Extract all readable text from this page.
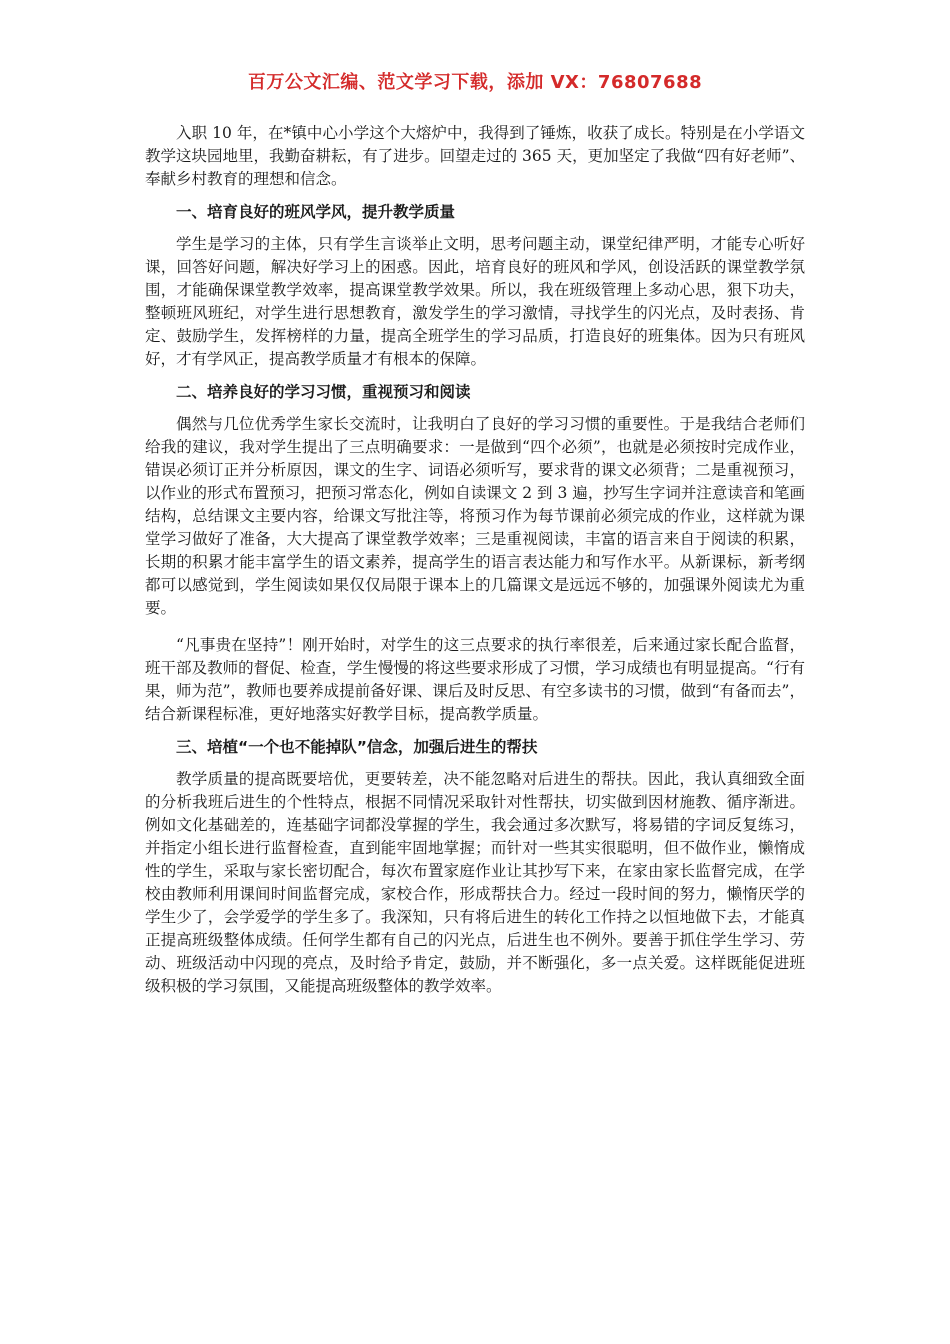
百万公文汇编、范文学习下载，添加 VX：76807688

入职 10 年，在*镇中心小学这个大熔炉中，我得到了锤炼，收获了成长。特别是在小学语文教学这块园地里，我勤奋耕耘，有了进步。回望走过的 365 天，更加坚定了我做“四有好老师”、奉献乡村教育的理想和信念。

一、培育良好的班风学风，提升教学质量

学生是学习的主体，只有学生言谈举止文明，思考问题主动，课堂纪律严明，才能专心听好课，回答好问题，解决好学习上的困惑。因此，培育良好的班风和学风，创设活跃的课堂教学氛围，才能确保课堂教学效率，提高课堂教学效果。所以，我在班级管理上多动心思，狠下功夫，整顿班风班纪，对学生进行思想教育，激发学生的学习激情，寻找学生的闪光点，及时表扬、肯定、鼓励学生，发挥榜样的力量，提高全班学生的学习品质，打造良好的班集体。因为只有班风好，才有学风正，提高教学质量才有根本的保障。

二、培养良好的学习习惯，重视预习和阅读

偶然与几位优秀学生家长交流时，让我明白了良好的学习习惯的重要性。于是我结合老师们给我的建议，我对学生提出了三点明确要求：一是做到“四个必须”，也就是必须按时完成作业，错误必须订正并分析原因，课文的生字、词语必须听写，要求背的课文必须背；二是重视预习，以作业的形式布置预习，把预习常态化，例如自读课文 2 到 3 遍，抄写生字词并注意读音和笔画结构，总结课文主要内容，给课文写批注等，将预习作为每节课前必须完成的作业，这样就为课堂学习做好了准备，大大提高了课堂教学效率；三是重视阅读，丰富的语言来自于阅读的积累，长期的积累才能丰富学生的语文素养，提高学生的语言表达能力和写作水平。从新课标，新考纲都可以感觉到，学生阅读如果仅仅局限于课本上的几篇课文是远远不够的，加强课外阅读尤为重要。

“凡事贵在坚持”！刚开始时，对学生的这三点要求的执行率很差，后来通过家长配合监督，班干部及教师的督促、检查，学生慢慢的将这些要求形成了习惯，学习成绩也有明显提高。“行有果，师为范”，教师也要养成提前备好课、课后及时反思、有空多读书的习惯，做到“有备而去”，结合新课程标准，更好地落实好教学目标，提高教学质量。

三、培植“一个也不能掉队”信念，加强后进生的帮扶

教学质量的提高既要培优，更要转差，决不能忽略对后进生的帮扶。因此，我认真细致全面的分析我班后进生的个性特点，根据不同情况采取针对性帮扶，切实做到因材施教、循序渐进。例如文化基础差的，连基础字词都没掌握的学生，我会通过多次默写，将易错的字词反复练习，并指定小组长进行监督检查，直到能牢固地掌握；而针对一些其实很聪明，但不做作业，懒惰成性的学生，采取与家长密切配合，每次布置家庭作业让其抄写下来，在家由家长监督完成，在学校由教师利用课间时间监督完成，家校合作，形成帮扶合力。经过一段时间的努力，懒惰厌学的学生少了，会学爱学的学生多了。我深知，只有将后进生的转化工作持之以恒地做下去，才能真正提高班级整体成绩。任何学生都有自己的闪光点，后进生也不例外。要善于抓住学生学习、劳动、班级活动中闪现的亮点，及时给予肯定，鼓励，并不断强化，多一点关爱。这样既能促进班级积极的学习氛围，又能提高班级整体的教学效率。
